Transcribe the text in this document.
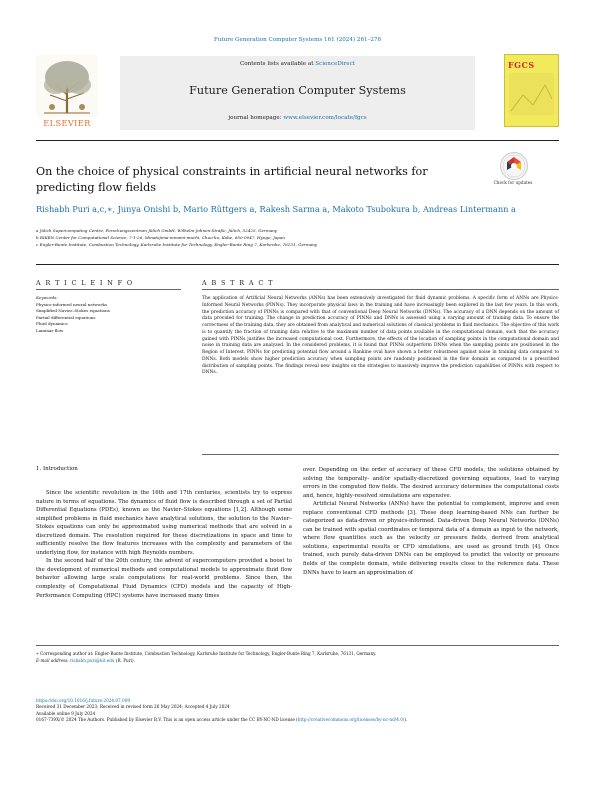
Future Generation Computer Systems 161 (2024) 261–276
ELSEVIER
Contents lists available at ScienceDirect
Future Generation Computer Systems
journal homepage: www.elsevier.com/locate/fgcs
FGCS
On the choice of physical constraints in artificial neural networks for predicting flow fields	Check for updates
Rishabh Puri a,c,∗, Junya Onishi b, Mario Rüttgers a, Rakesh Sarma a, Makoto Tsubokura b, Andreas Lintermann a
a Jülich Supercomputing Centre, Forschungszentrum Jülich GmbH, Wilhelm-Johnen-Straße, Jülich, 52425, Germany
b RIKEN Center for Computational Science, 7-1-26, Minatojima-minami-machi, Chuo-ku, Kobe, 650-0047, Hyogo, Japan
c Engler-Bunte Institute, Combustion Technology, Karlsruhe Institute for Technology, Engler-Bunte Ring 7, Karlsruhe, 76131, Germany
A R T I C L E I N F O	A B S T R A C T
Keywords:
Physics-informed neural networks
Simplified Navier–Stokes equations
Partial differential equations
Fluid dynamics
Laminar flow
The application of Artificial Neural Networks (ANNs) has been extensively investigated for fluid dynamic problems. A specific form of ANNs are Physics-Informed Neural Networks (PINNs). They incorporate physical laws in the training and have increasingly been explored in the last few years. In this work, the prediction accuracy of PINNs is compared with that of conventional Deep Neural Networks (DNNs). The accuracy of a DNN depends on the amount of data provided for training. The change in prediction accuracy of PINNs and DNNs is assessed using a varying amount of training data. To ensure the correctness of the training data, they are obtained from analytical and numerical solutions of classical problems in fluid mechanics. The objective of this work is to quantify the fraction of training data relative to the maximum number of data points available in the computational domain, such that the accuracy gained with PINNs justifies the increased computational cost. Furthermore, the effects of the location of sampling points in the computational domain and noise in training data are analyzed. In the considered problems, it is found that PINNs outperform DNNs when the sampling points are positioned in the Region of Interest. PINNs for predicting potential flow around a Rankine oval have shown a better robustness against noise in training data compared to DNNs. Both models show higher prediction accuracy when sampling points are randomly positioned in the flow domain as compared to a prescribed distribution of sampling points. The findings reveal new insights on the strategies to massively improve the prediction capabilities of PINNs with respect to DNNs.
1. Introduction

Since the scientific revolution in the 16th and 17th centuries, scientists try to express nature in terms of equations. The dynamics of fluid flow is described through a set of Partial Differential Equations (PDEs), known as the Navier–Stokes equations [1,2]. Although some simplified problems in fluid mechanics have analytical solutions, the solution to the Navier–Stokes equations can only be approximated using numerical methods that are solved in a discretized domain. The resolution required for these discretizations in space and time to sufficiently resolve the flow features increases with the complexity and parameters of the underlying flow, for instance with high Reynolds numbers.

In the second half of the 20th century, the advent of supercomputers provided a boost to the development of numerical methods and computational models to approximate fluid flow behavior allowing large scale computations for real-world problems. Since then, the complexity of Computational Fluid Dynamics (CFD) models and the capacity of High-Performance Computing (HPC) systems have increased many times

over. Depending on the order of accuracy of these CFD models, the solutions obtained by solving the temporally- and/or spatially-discretized governing equations, lead to varying errors in the computed flow fields. The desired accuracy determines the computational costs and, hence, highly-resolved simulations are expensive.

Artificial Neural Networks (ANNs) have the potential to complement, improve and even replace conventional CFD methods [3]. These deep learning-based NNs can further be categorized as data-driven or physics-informed. Data-driven Deep Neural Networks (DNNs) can be trained with spatial coordinates or temporal data of a domain as input to the network, where flow quantities such as the velocity or pressure fields, derived from analytical solutions, experimental results or CFD simulations, are used as ground truth [4]. Once trained, such purely data-driven DNNs can be employed to predict the velocity or pressure fields of the complete domain, while delivering results close to the reference data. These DNNs have to learn an approximation of

∗ Corresponding author at: Engler-Bunte Institute, Combustion Technology, Karlsruhe Institute for Technology, Engler-Bunte Ring 7, Karlsruhe, 76131, Germany.
E-mail address: rishabh.puri@kit.edu (R. Puri).
https://doi.org/10.1016/j.future.2024.07.009
Received 31 December 2023; Received in revised form 26 May 2024; Accepted 4 July 2024
Available online 9 July 2024
0167-739X/© 2024 The Authors. Published by Elsevier B.V. This is an open access article under the CC BY-NC-ND license (http://creativecommons.org/licenses/by-nc-nd/4.0/).
